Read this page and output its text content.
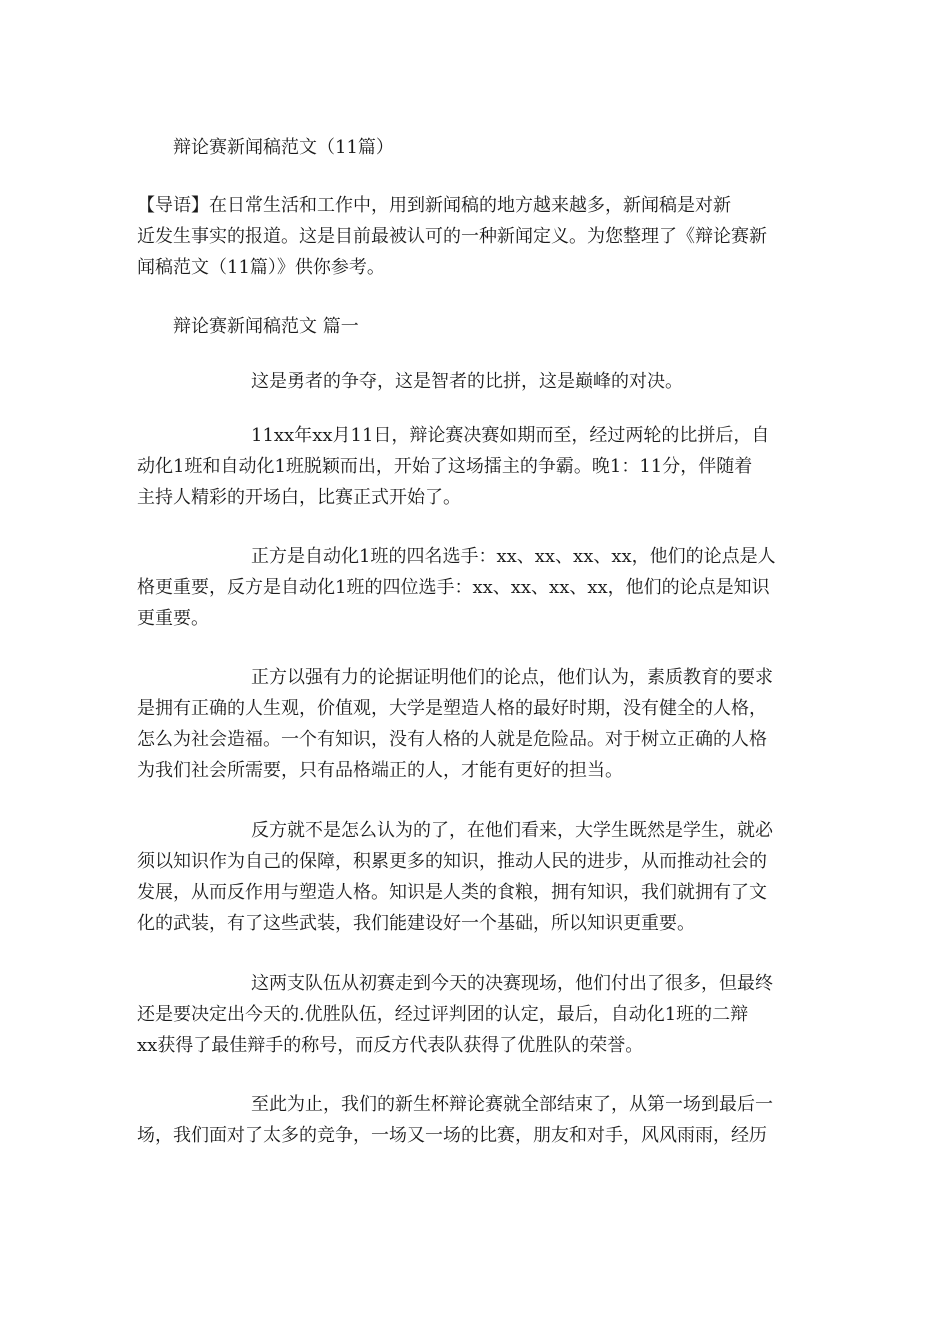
辩论赛新闻稿范文（11篇）
【导语】在日常生活和工作中，用到新闻稿的地方越来越多，新闻稿是对新
近发生事实的报道。这是目前最被认可的一种新闻定义。为您整理了《辩论赛新
闻稿范文（11篇）》供你参考。
辩论赛新闻稿范文 篇一
这是勇者的争夺，这是智者的比拼，这是巅峰的对决。
11xx年xx月11日，辩论赛决赛如期而至，经过两轮的比拼后，自
动化1班和自动化1班脱颖而出，开始了这场擂主的争霸。晚1：11分，伴随着
主持人精彩的开场白，比赛正式开始了。
正方是自动化1班的四名选手：xx、xx、xx、xx，他们的论点是人
格更重要，反方是自动化1班的四位选手：xx、xx、xx、xx，他们的论点是知识
更重要。
正方以强有力的论据证明他们的论点，他们认为，素质教育的要求
是拥有正确的人生观，价值观，大学是塑造人格的最好时期，没有健全的人格，
怎么为社会造福。一个有知识，没有人格的人就是危险品。对于树立正确的人格
为我们社会所需要，只有品格端正的人，才能有更好的担当。
反方就不是怎么认为的了，在他们看来，大学生既然是学生，就必
须以知识作为自己的保障，积累更多的知识，推动人民的进步，从而推动社会的
发展，从而反作用与塑造人格。知识是人类的食粮，拥有知识，我们就拥有了文
化的武装，有了这些武装，我们能建设好一个基础，所以知识更重要。
这两支队伍从初赛走到今天的决赛现场，他们付出了很多，但最终
还是要决定出今天的.优胜队伍，经过评判团的认定，最后，自动化1班的二辩
xx获得了最佳辩手的称号，而反方代表队获得了优胜队的荣誉。
至此为止，我们的新生杯辩论赛就全部结束了，从第一场到最后一
场，我们面对了太多的竞争，一场又一场的比赛，朋友和对手，风风雨雨，经历
